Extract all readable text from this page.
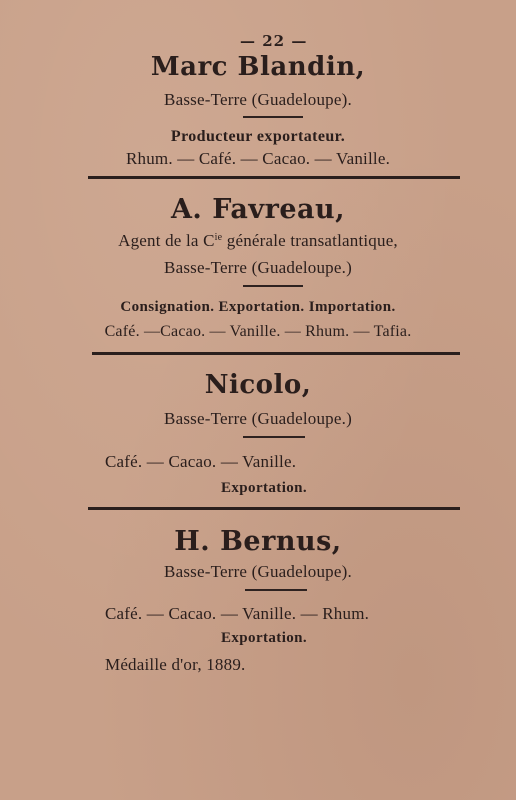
— 22 —
Marc Blandin,
Basse-Terre (Guadeloupe).
Producteur exportateur.
Rhum. — Café. — Cacao. — Vanille.
A. Favreau,
Agent de la $C^{ie}$ générale transatlantique,
Basse-Terre (Guadeloupe.)
Consignation. Exportation. Importation.
Café. —Cacao. — Vanille. — Rhum. — Tafia.
Nicolo,
Basse-Terre (Guadeloupe.)
Café. — Cacao. — Vanille.
Exportation.
H. Bernus,
Basse-Terre (Guadeloupe).
Café. — Cacao. — Vanille. — Rhum.
Exportation.
Médaille d'or, 1889.
